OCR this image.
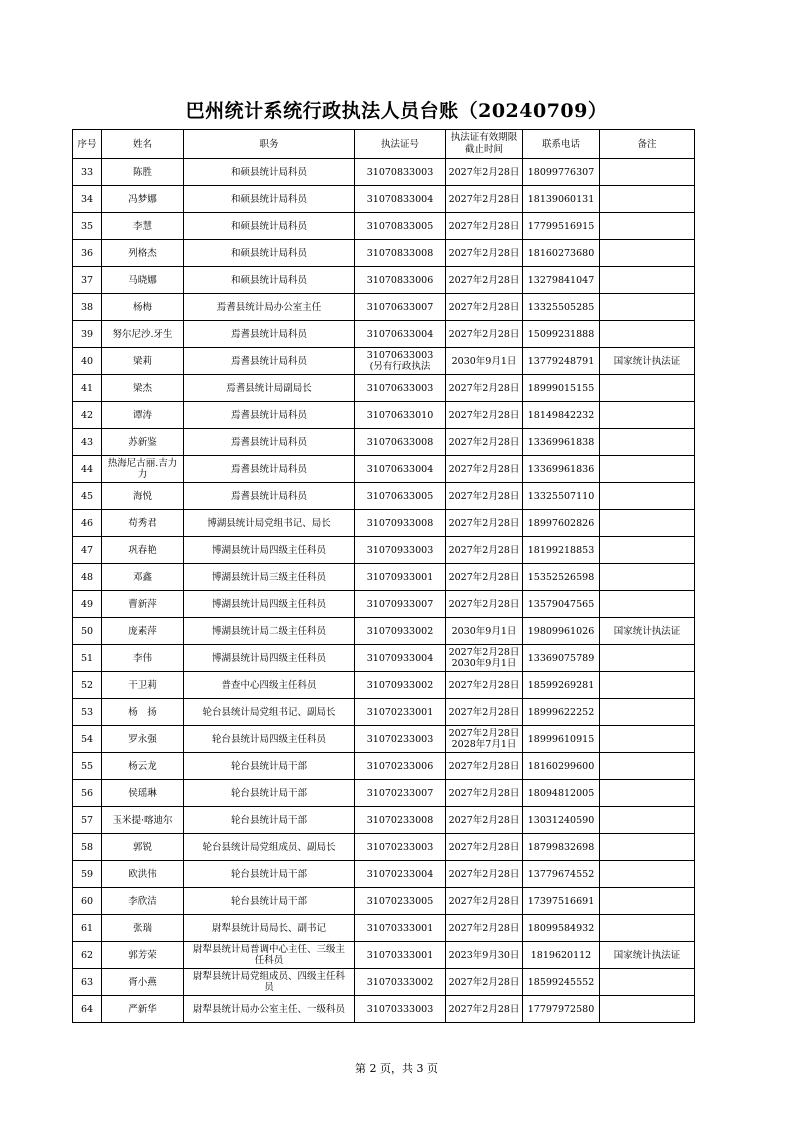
巴州统计系统行政执法人员台账（20240709）
序号	姓名	职务	执法证号	执法证有效期限截止时间	联系电话	备注
33	陈胜	和硕县统计局科员	31070833003	2027年2月28日	18099776307	
34	冯梦娜	和硕县统计局科员	31070833004	2027年2月28日	18139060131	
35	李慧	和硕县统计局科员	31070833005	2027年2月28日	17799516915	
36	列格杰	和硕县统计局科员	31070833008	2027年2月28日	18160273680	
37	马晓娜	和硕县统计局科员	31070833006	2027年2月28日	13279841047	
38	杨梅	焉耆县统计局办公室主任	31070633007	2027年2月28日	13325505285	
39	努尔尼沙.牙生	焉耆县统计局科员	31070633004	2027年2月28日	15099231888	
40	梁莉	焉耆县统计局科员	31070633003
(另有行政执法	2030年9月1日	13779248791	国家统计执法证
41	梁杰	焉耆县统计局副局长	31070633003	2027年2月28日	18999015155	
42	谭涛	焉耆县统计局科员	31070633010	2027年2月28日	18149842232	
43	苏新鉴	焉耆县统计局科员	31070633008	2027年2月28日	13369961838	
44	热海尼古丽.吉力
力	焉耆县统计局科员	31070633004	2027年2月28日	13369961836	
45	海悦	焉耆县统计局科员	31070633005	2027年2月28日	13325507110	
46	苟秀君	博湖县统计局党组书记、局长	31070933008	2027年2月28日	18997602826	
47	巩春艳	博湖县统计局四级主任科员	31070933003	2027年2月28日	18199218853	
48	邓鑫	博湖县统计局三级主任科员	31070933001	2027年2月28日	15352526598	
49	曹新萍	博湖县统计局四级主任科员	31070933007	2027年2月28日	13579047565	
50	庞素萍	博湖县统计局二级主任科员	31070933002	2030年9月1日	19809961026	国家统计执法证
51	李伟	博湖县统计局四级主任科员	31070933004	2027年2月28日
2030年9月1日	13369075789	
52	干卫莉	普查中心四级主任科员	31070933002	2027年2月28日	18599269281	
53	杨　扬	轮台县统计局党组书记、副局长	31070233001	2027年2月28日	18999622252	
54	罗永强	轮台县统计局四级主任科员	31070233003	2027年2月28日
2028年7月1日	18999610915	
55	杨云龙	轮台县统计局干部	31070233006	2027年2月28日	18160299600	
56	侯瑶琳	轮台县统计局干部	31070233007	2027年2月28日	18094812005	
57	玉米提·喀迪尔	轮台县统计局干部	31070233008	2027年2月28日	13031240590	
58	郭锐	轮台县统计局党组成员、副局长	31070233003	2027年2月28日	18799832698	
59	欧洪伟	轮台县统计局干部	31070233004	2027年2月28日	13779674552	
60	李欣洁	轮台县统计局干部	31070233005	2027年2月28日	17397516691	
61	张瑞	尉犁县统计局局长、副书记	31070333001	2027年2月28日	18099584932	
62	郭芳荣	尉犁县统计局普调中心主任、三级主
任科员	31070333001	2023年9月30日	1819620112	国家统计执法证
63	胥小燕	尉犁县统计局党组成员、四级主任科
员	31070333002	2027年2月28日	18599245552	
64	严新华	尉犁县统计局办公室主任、一级科员	31070333003	2027年2月28日	17797972580	
第 2 页，共 3 页
